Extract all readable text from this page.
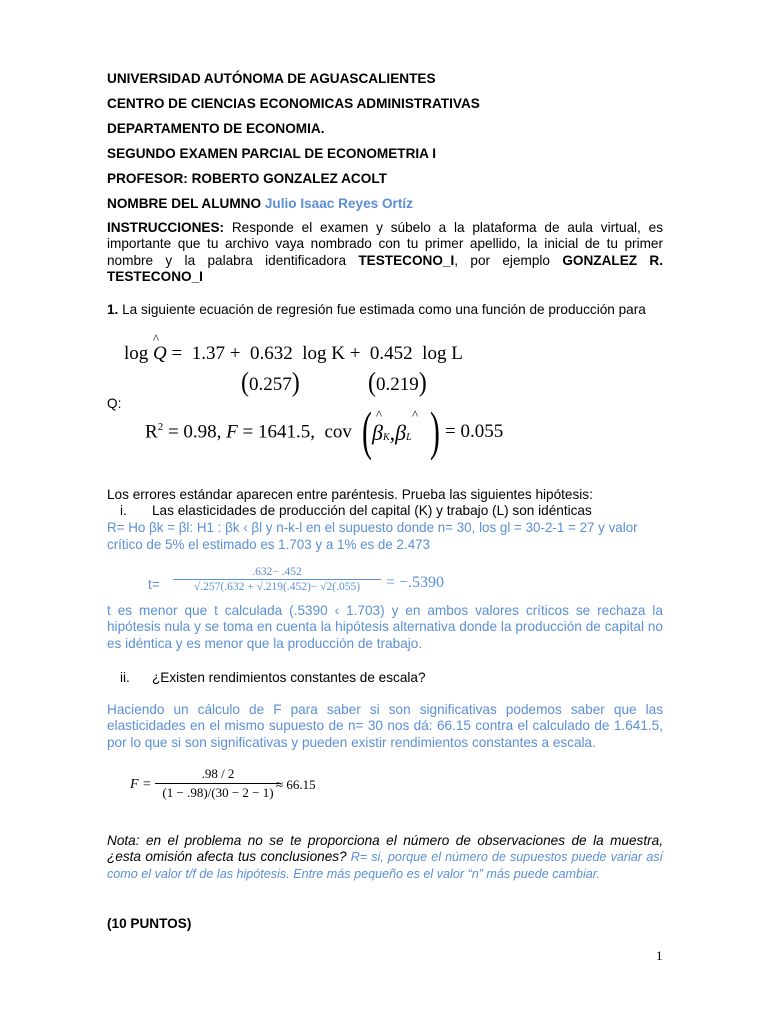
UNIVERSIDAD AUTÓNOMA DE AGUASCALIENTES
CENTRO DE CIENCIAS ECONOMICAS ADMINISTRATIVAS
DEPARTAMENTO DE ECONOMIA.
SEGUNDO EXAMEN PARCIAL DE ECONOMETRIA I
PROFESOR: ROBERTO GONZALEZ ACOLT
NOMBRE DEL ALUMNO Julio Isaac Reyes Ortíz
INSTRUCCIONES: Responde el examen y súbelo a la plataforma de aula virtual, es importante que tu archivo vaya nombrado con tu primer apellido, la inicial de tu primer nombre y la palabra identificadora TESTECONO_I, por ejemplo GONZALEZ R. TESTECONO_I
1. La siguiente ecuación de regresión fue estimada como una función de producción para
^
log Q =  1.37 +  0.632  log K +  0.452  log L
(0.257)	(0.219)
Q:
$R^2 = 0.98$, F = 1641.5,  cov ( ^ ^
βK,βL ) = 0.055
Los errores estándar aparecen entre paréntesis. Prueba las siguientes hipótesis:
i. Las elasticidades de producción del capital (K) y trabajo (L) son idénticas
R= Ho βk = βl: H1 : βk ‹ βl y n-k-l en el supuesto donde n= 30, los gl = 30-2-1 = 27 y valor
crítico de 5% el estimado es 1.703 y a 1% es de 2.473
t=
.632− .452
√.257(.632 + √.219(.452)− √2(.055)	= −.5390
t es menor que t calculada (.5390 ‹ 1.703) y en ambos valores críticos se rechaza la hipótesis nula y se toma en cuenta la hipótesis alternativa donde la producción de capital no es idéntica y es menor que la producción de trabajo.
ii. ¿Existen rendimientos constantes de escala?
Haciendo un cálculo de F para saber si son significativas podemos saber que las elasticidades en el mismo supuesto de n= 30 nos dá: 66.15 contra el calculado de 1.641.5, por lo que si son significativas y pueden existir rendimientos constantes a escala.
F =
.98 / 2
(1 − .98)/(30 − 2 − 1)
≈ 66.15
Nota: en el problema no se te proporciona el número de observaciones de la muestra, ¿esta omisión afecta tus conclusiones? R= si, porque el número de supuestos puede variar así como el valor t/f de las hipótesis. Entre más pequeño es el valor “n” más puede cambiar.
(10 PUNTOS)
1
